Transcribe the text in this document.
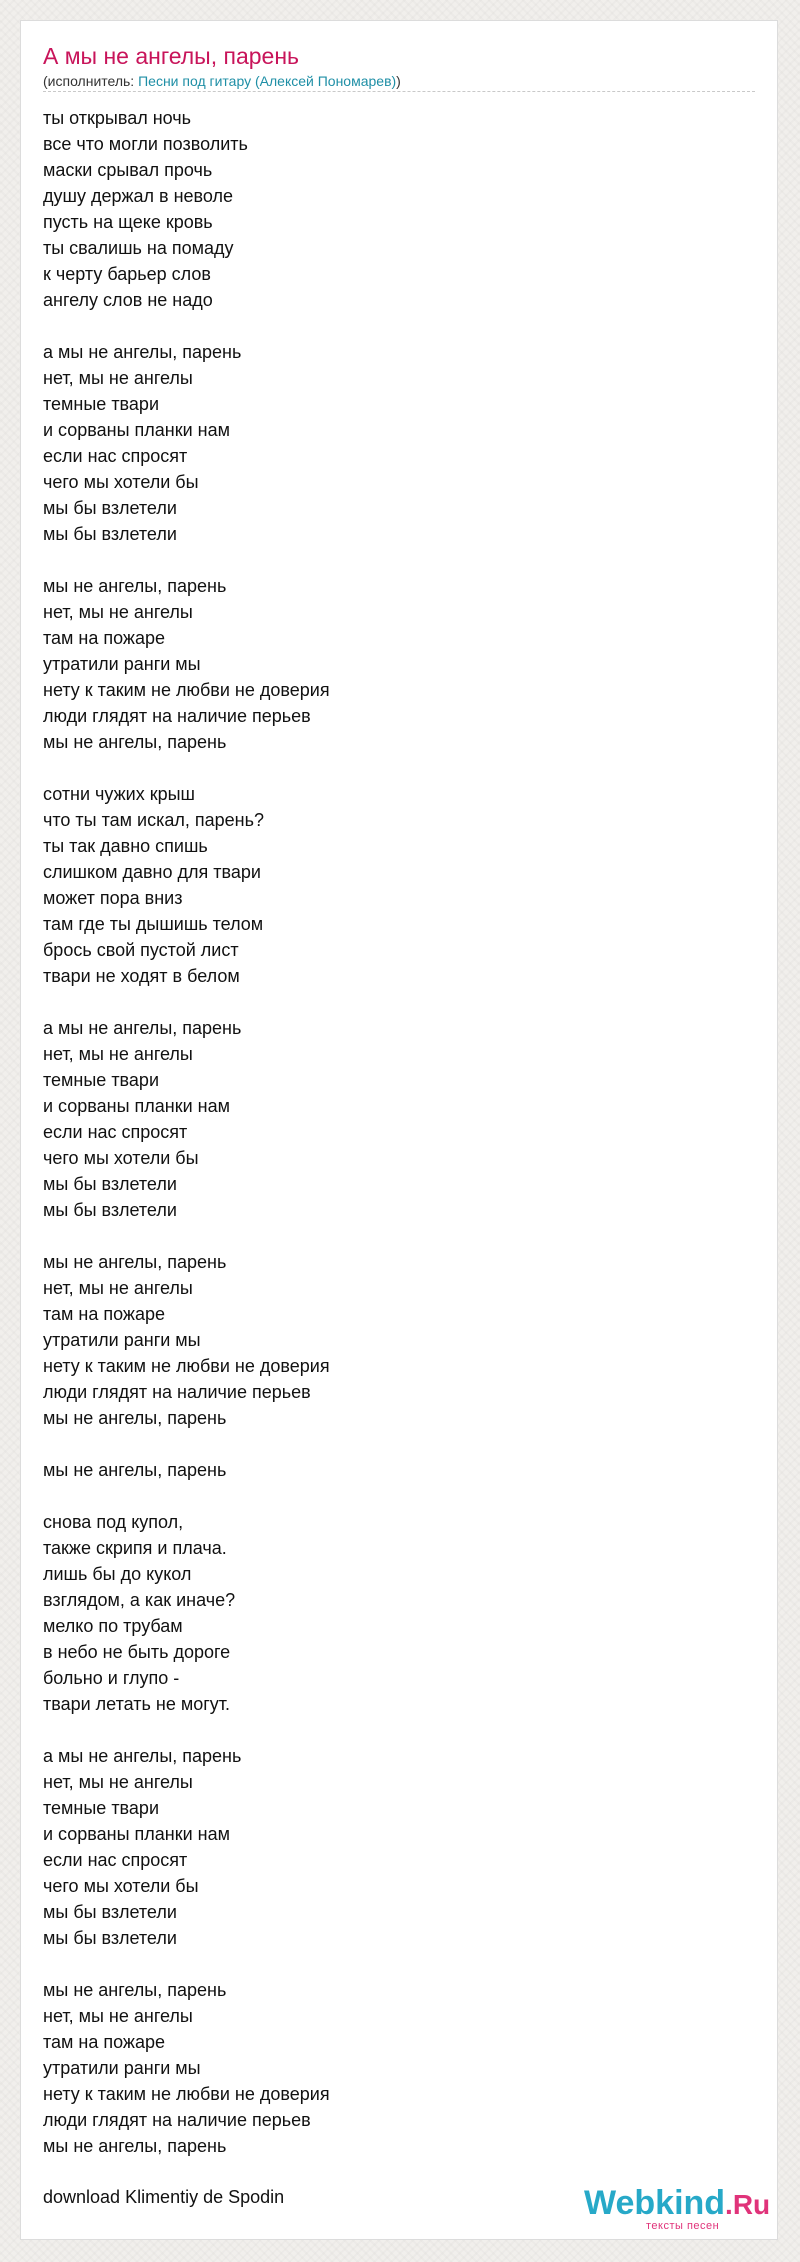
А мы не ангелы, парень
(исполнитель: Песни под гитару (Алексей Пономарев))
ты открывал ночь
все что могли позволить
маски срывал прочь
душу держал в неволе
пусть на щеке кровь
ты свалишь на помаду
к черту барьер слов
ангелу слов не надо
а мы не ангелы, парень
нет, мы не ангелы
темные твари
и сорваны планки нам
если нас спросят
чего мы хотели бы
мы бы взлетели
мы бы взлетели
мы не ангелы, парень
нет, мы не ангелы
там на пожаре
утратили ранги мы
нету к таким не любви не доверия
люди глядят на наличие перьев
мы не ангелы, парень
сотни чужих крыш
что ты там искал, парень?
ты так давно спишь
слишком давно для твари
может пора вниз
там где ты дышишь телом
брось свой пустой лист
твари не ходят в белом
а мы не ангелы, парень
нет, мы не ангелы
темные твари
и сорваны планки нам
если нас спросят
чего мы хотели бы
мы бы взлетели
мы бы взлетели
мы не ангелы, парень
нет, мы не ангелы
там на пожаре
утратили ранги мы
нету к таким не любви не доверия
люди глядят на наличие перьев
мы не ангелы, парень
мы не ангелы, парень
снова под купол,
также скрипя и плача.
лишь бы до кукол
взглядом, а как иначе?
мелко по трубам
в небо не быть дороге
больно и глупо -
твари летать не могут.
а мы не ангелы, парень
нет, мы не ангелы
темные твари
и сорваны планки нам
если нас спросят
чего мы хотели бы
мы бы взлетели
мы бы взлетели
мы не ангелы, парень
нет, мы не ангелы
там на пожаре
утратили ранги мы
нету к таким не любви не доверия
люди глядят на наличие перьев
мы не ангелы, парень
download Klimentiy de Spodin	Webkind.Ru
тексты песен
